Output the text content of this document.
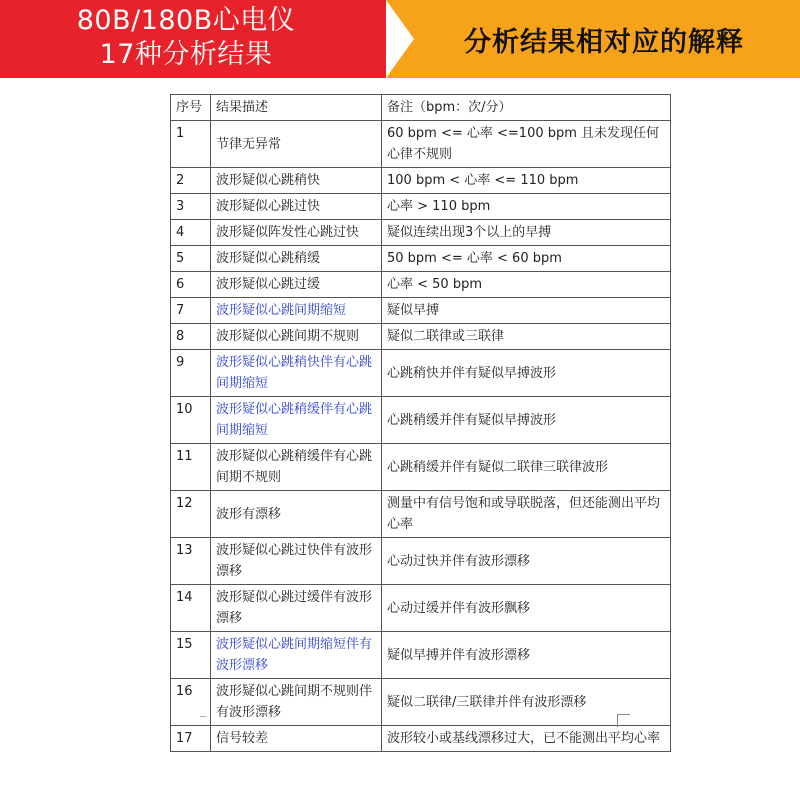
80B/180B心电仪
17种分析结果	分析结果相对应的解释
序号	结果描述	备注（bpm：次/分）
1	节律无异常	60 bpm <= 心率 <=100 bpm 且未发现任何心律不规则
2	波形疑似心跳稍快	100 bpm < 心率 <= 110 bpm
3	波形疑似心跳过快	心率 > 110 bpm
4	波形疑似阵发性心跳过快	疑似连续出现3个以上的早搏
5	波形疑似心跳稍缓	50 bpm <= 心率 < 60 bpm
6	波形疑似心跳过缓	心率 < 50 bpm
7	波形疑似心跳间期缩短	疑似早搏
8	波形疑似心跳间期不规则	疑似二联律或三联律
9	波形疑似心跳稍快伴有心跳间期缩短	心跳稍快并伴有疑似早搏波形
10	波形疑似心跳稍缓伴有心跳间期缩短	心跳稍缓并伴有疑似早搏波形
11	波形疑似心跳稍缓伴有心跳间期不规则	心跳稍缓并伴有疑似二联律三联律波形
12	波形有漂移	测量中有信号饱和或导联脱落，但还能测出平均心率
13	波形疑似心跳过快伴有波形漂移	心动过快并伴有波形漂移
14	波形疑似心跳过缓伴有波形漂移	心动过缓并伴有波形飘移
15	波形疑似心跳间期缩短伴有波形漂移	疑似早搏并伴有波形漂移
16	波形疑似心跳间期不规则伴有波形漂移	疑似二联律/三联律并伴有波形漂移
17	信号较差	波形较小或基线漂移过大，已不能测出平均心率
